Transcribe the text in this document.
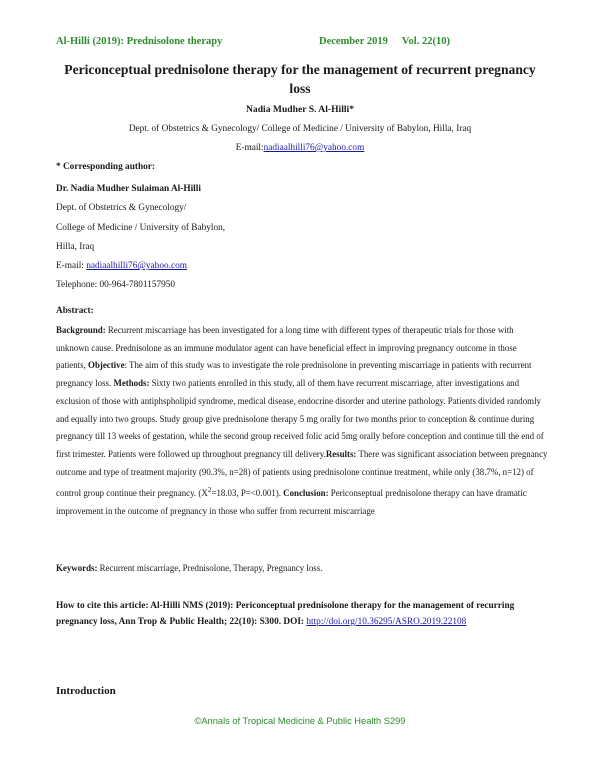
Al-Hilli (2019): Prednisolone therapy	December 2019 Vol. 22(10)
Periconceptual prednisolone therapy for the management of recurrent pregnancy loss
Nadia Mudher S. Al-Hilli*
Dept. of Obstetrics & Gynecology/ College of Medicine / University of Babylon, Hilla, Iraq
E-mail:nadiaalhilli76@yahoo.com
* Corresponding author:
Dr. Nadia Mudher Sulaiman Al-Hilli
Dept. of Obstetrics & Gynecology/
College of Medicine / University of Babylon,
Hilla, Iraq
E-mail: nadiaalhilli76@yahoo.com
Telephone: 00-964-7801157950
Abstract:
Background: Recurrent miscarriage has been investigated for a long time with different types of therapeutic trials for those with unknown cause. Prednisolone as an immune modulator agent can have beneficial effect in improving pregnancy outcome in those patients, Objective: The aim of this study was to investigate the role prednisolone in preventing miscarriage in patients with recurrent pregnancy loss. Methods: Sixty two patients enrolled in this study, all of them have recurrent miscarriage, after investigations and exclusion of those with antiphspholipid syndrome, medical disease, endocrine disorder and uterine pathology. Patients divided randomly and equally into two groups. Study group give prednisolone therapy 5 mg orally for two months prior to conception & continue during pregnancy till 13 weeks of gestation, while the second group received folic acid 5mg orally before conception and continue till the end of first trimester. Patients were followed up throughout pregnancy till delivery.Results: There was significant association between pregnancy outcome and type of treatment majority (90.3%, n=28) of patients using prednisolone continue treatment, while only (38.7%, n=12) of control group continue their pregnancy. ($X^2=18.03$, P=<0.001). Conclusion: Periconseptual prednisolone therapy can have dramatic improvement in the outcome of pregnancy in those who suffer from recurrent miscarriage
Keywords: Recurrent miscarriage, Prednisolone, Therapy, Pregnancy loss.
How to cite this article: Al-Hilli NMS (2019): Periconceptual prednisolone therapy for the management of recurring pregnancy loss, Ann Trop & Public Health; 22(10): S300. DOI: http://doi.org/10.36295/ASRO.2019.22108
Introduction
©Annals of Tropical Medicine & Public Health S299
